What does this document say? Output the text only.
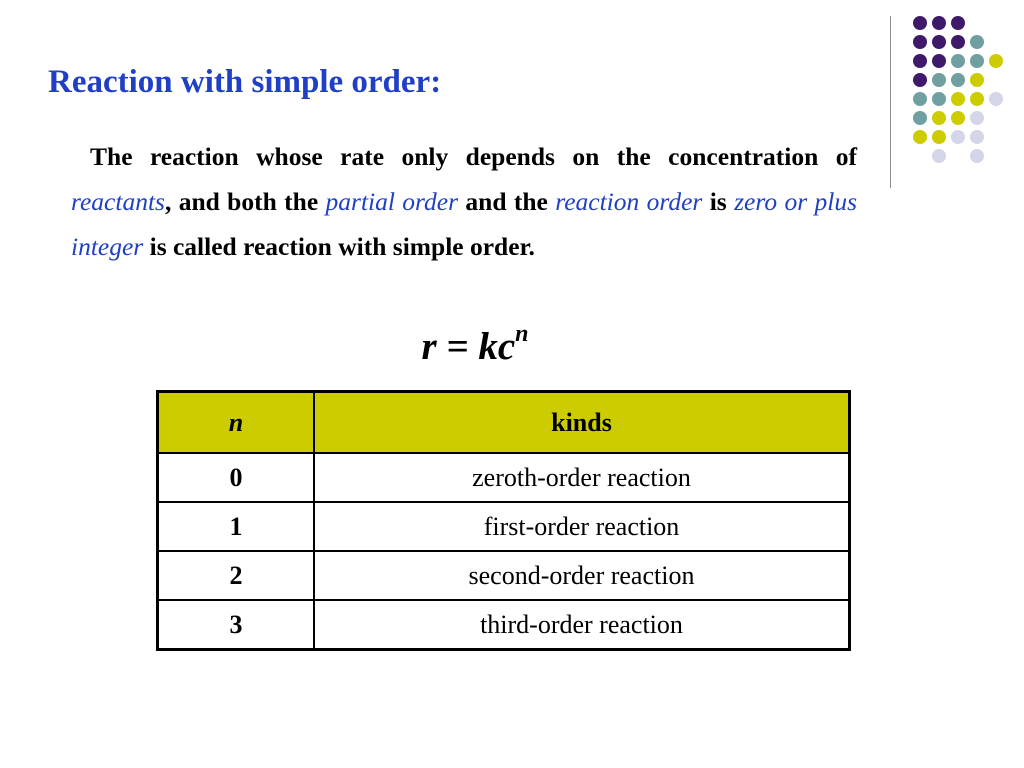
Reaction with simple order:

The reaction whose rate only depends on the concentration of reactants, and both the partial order and the reaction order is zero or plus integer is called reaction with simple order.

$r = kc^n$
n	kinds
0	zeroth-order reaction
1	first-order reaction
2	second-order reaction
3	third-order reaction
